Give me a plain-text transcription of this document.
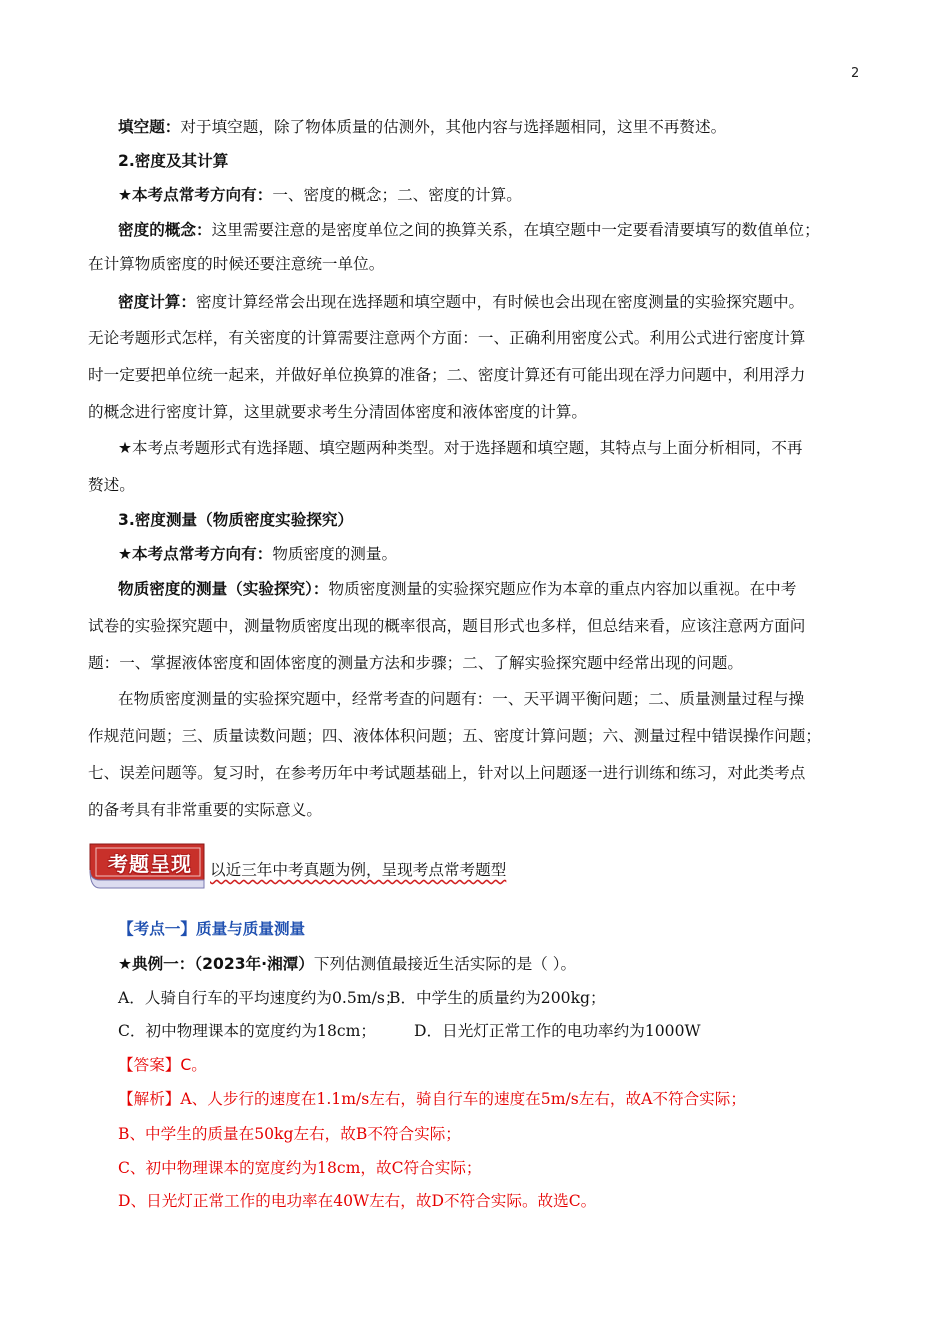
2
填空题：对于填空题，除了物体质量的估测外，其他内容与选择题相同，这里不再赘述。
2.密度及其计算
★本考点常考方向有：一、密度的概念；二、密度的计算。
密度的概念：这里需要注意的是密度单位之间的换算关系，在填空题中一定要看清要填写的数值单位；
在计算物质密度的时候还要注意统一单位。
密度计算：密度计算经常会出现在选择题和填空题中，有时候也会出现在密度测量的实验探究题中。
无论考题形式怎样，有关密度的计算需要注意两个方面：一、正确利用密度公式。利用公式进行密度计算
时一定要把单位统一起来，并做好单位换算的准备；二、密度计算还有可能出现在浮力问题中，利用浮力
的概念进行密度计算，这里就要求考生分清固体密度和液体密度的计算。
★本考点考题形式有选择题、填空题两种类型。对于选择题和填空题，其特点与上面分析相同，不再
赘述。
3.密度测量（物质密度实验探究）
★本考点常考方向有：物质密度的测量。
物质密度的测量（实验探究）：物质密度测量的实验探究题应作为本章的重点内容加以重视。在中考
试卷的实验探究题中，测量物质密度出现的概率很高，题目形式也多样，但总结来看，应该注意两方面问
题：一、掌握液体密度和固体密度的测量方法和步骤；二、了解实验探究题中经常出现的问题。
在物质密度测量的实验探究题中，经常考查的问题有：一、天平调平衡问题；二、质量测量过程与操
作规范问题；三、质量读数问题；四、液体体积问题；五、密度计算问题；六、测量过程中错误操作问题；
七、误差问题等。复习时，在参考历年中考试题基础上，针对以上问题逐一进行训练和练习，对此类考点
的备考具有非常重要的实际意义。
考题呈现 以近三年中考真题为例，呈现考点常考题型
【考点一】质量与质量测量
★典例一：（2023年·湘潭）下列估测值最接近生活实际的是（ ）。
A．人骑自行车的平均速度约为0.5m/s；
B．中学生的质量约为200kg；
C．初中物理课本的宽度约为18cm； D．日光灯正常工作的电功率约为1000W
【答案】C。
【解析】A、人步行的速度在1.1m/s左右，骑自行车的速度在5m/s左右，故A不符合实际；
B、中学生的质量在50kg左右，故B不符合实际；
C、初中物理课本的宽度约为18cm，故C符合实际；
D、日光灯正常工作的电功率在40W左右，故D不符合实际。故选C。
